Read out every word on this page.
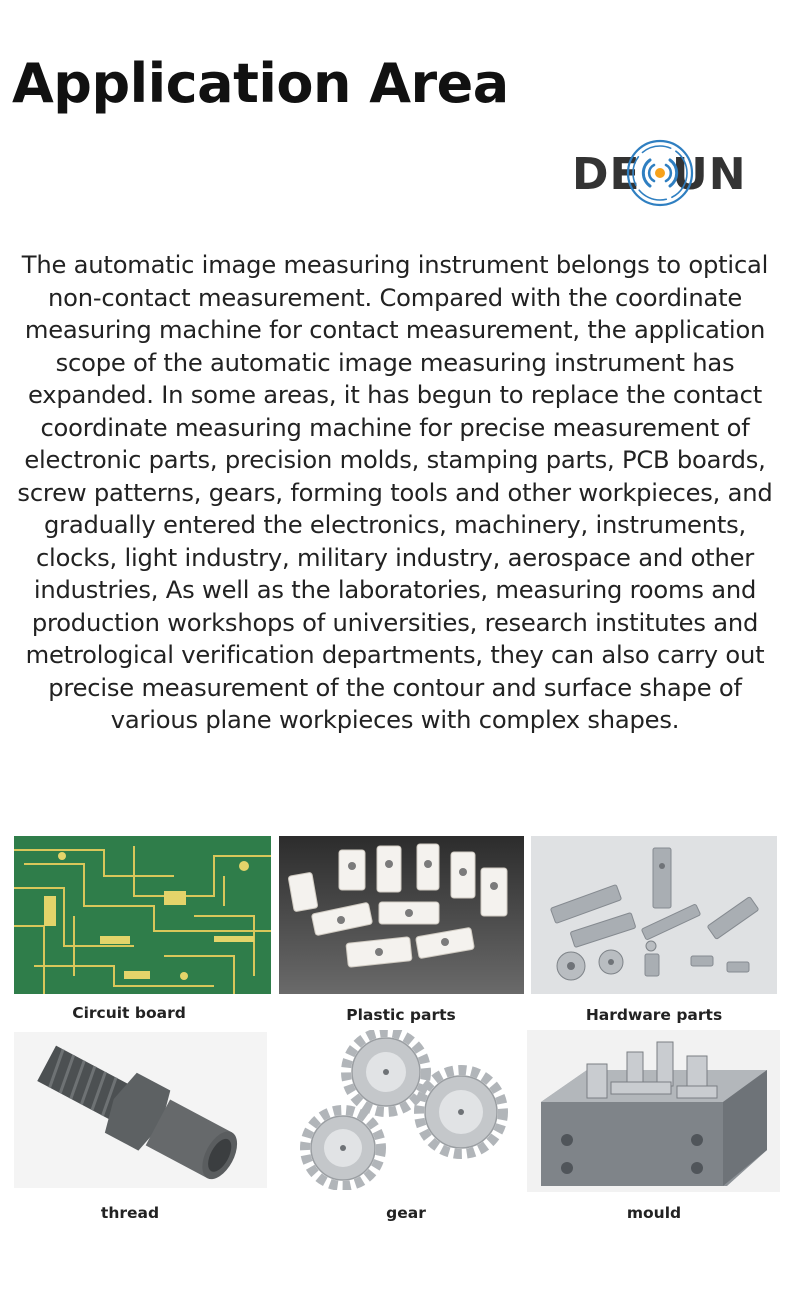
Application Area
DE UN

The automatic image measuring instrument belongs to optical non-contact measurement. Compared with the coordinate measuring machine for contact measurement, the application scope of the automatic image measuring instrument has expanded. In some areas, it has begun to replace the contact coordinate measuring machine for precise measurement of electronic parts, precision molds, stamping parts, PCB boards, screw patterns, gears, forming tools and other workpieces, and gradually entered the electronics, machinery, instruments, clocks, light industry, military industry, aerospace and other industries, As well as the laboratories, measuring rooms and production workshops of universities, research institutes and metrological verification departments, they can also carry out precise measurement of the contour and surface shape of various plane workpieces with complex shapes.

Circuit board	Plastic parts	Hardware parts
thread	gear	mould
